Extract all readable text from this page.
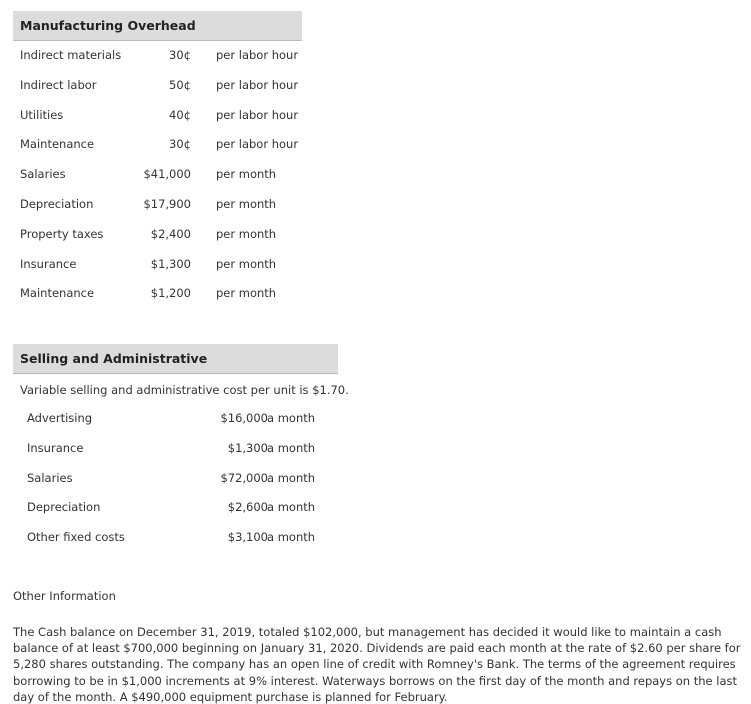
Manufacturing Overhead
Indirect materials	30¢ per labor hour
Indirect labor	50¢ per labor hour
Utilities	40¢ per labor hour
Maintenance	30¢ per labor hour
Salaries	$41,000 per month
Depreciation	$17,900 per month
Property taxes	$2,400 per month
Insurance	$1,300 per month
Maintenance	$1,200 per month
Selling and Administrative
Variable selling and administrative cost per unit is $1.70.
Advertising	$16,000 a month
Insurance	$1,300 a month
Salaries	$72,000 a month
Depreciation	$2,600 a month
Other fixed costs	$3,100 a month
Other Information
The Cash balance on December 31, 2019, totaled $102,000, but management has decided it would like to maintain a cash balance of at least $700,000 beginning on January 31, 2020. Dividends are paid each month at the rate of $2.60 per share for 5,280 shares outstanding. The company has an open line of credit with Romney's Bank. The terms of the agreement requires borrowing to be in $1,000 increments at 9% interest. Waterways borrows on the first day of the month and repays on the last day of the month. A $490,000 equipment purchase is planned for February.
